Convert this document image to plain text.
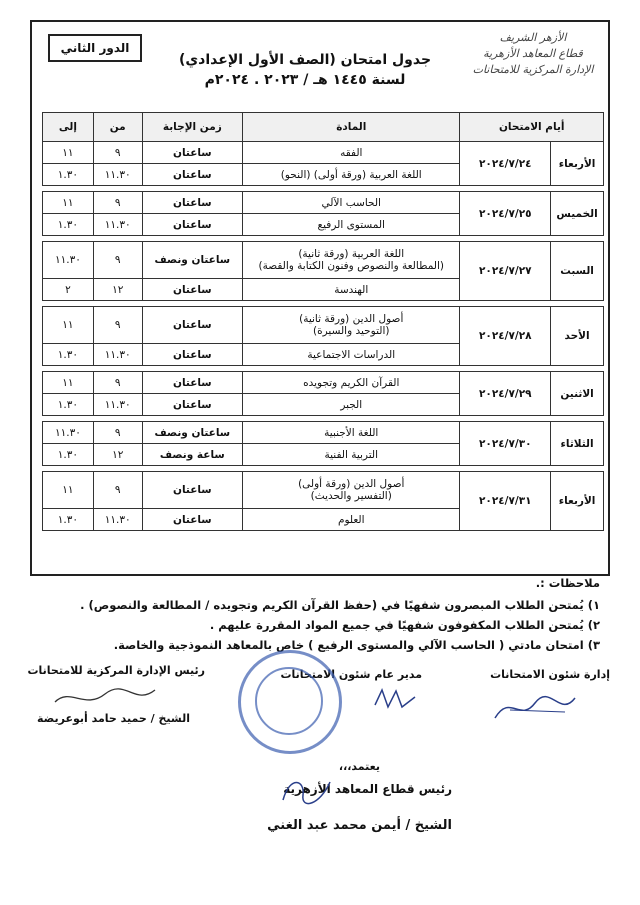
الدور الثاني
جدول امتحان (الصف الأول الإعدادي)
لسنة ١٤٤٥ هـ / ٢٠٢٣ . ٢٠٢٤م
الأزهر الشريف
قطاع المعاهد الأزهرية
الإدارة المركزية للامتحانات
أيام الامتحان		المادة	زمن الإجابة	من	إلى
الأربعاء	٢٠٢٤/٧/٢٤	الفقه	ساعتان	٩	١١

		اللغة العربية (ورقة أولى) (النحو)	ساعتان	١١.٣٠	١.٣٠

الخميس	٢٠٢٤/٧/٢٥	الحاسب الآلي	ساعتان	٩	١١

		المستوى الرفيع	ساعتان	١١.٣٠	١.٣٠

السبت	٢٠٢٤/٧/٢٧	اللغة العربية (ورقة ثانية)
(المطالعة والنصوص وفنون الكتابة والقصة)	ساعتان ونصف	٩	١١.٣٠

		الهندسة	ساعتان	١٢	٢

الأحد	٢٠٢٤/٧/٢٨	أصول الدين (ورقة ثانية)
(التوحيد والسيرة)	ساعتان	٩	١١

		الدراسات الاجتماعية	ساعتان	١١.٣٠	١.٣٠

الاثنين	٢٠٢٤/٧/٢٩	القرآن الكريم وتجويده	ساعتان	٩	١١

		الجبر	ساعتان	١١.٣٠	١.٣٠

الثلاثاء	٢٠٢٤/٧/٣٠	اللغة الأجنبية	ساعتان ونصف	٩	١١.٣٠

		التربية الفنية	ساعة ونصف	١٢	١.٣٠

الأربعاء	٢٠٢٤/٧/٣١	أصول الدين (ورقة أولى)
(التفسير والحديث)	ساعتان	٩	١١

		العلوم	ساعتان	١١.٣٠	١.٣٠
ملاحظات :.
١) يُمتحن الطلاب المبصرون شفهيًا في (حفظ القرآن الكريم وتجويده / المطالعة والنصوص) .
٢) يُمتحن الطلاب المكفوفون شفهيًا في جميع المواد المقررة عليهم .
٣) امتحان مادتي ( الحاسب الآلي والمستوى الرفيع ) خاص بالمعاهد النموذجية والخاصة.
إدارة شئون الامتحانات
مدير عام شئون الامتحانات
رئيس الإدارة المركزية للامتحانات
الشيخ / حميد حامد أبوعريضة
يعتمد،،،
رئيس قطاع المعاهد الأزهرية
الشيخ / أيمن محمد عبد الغني
